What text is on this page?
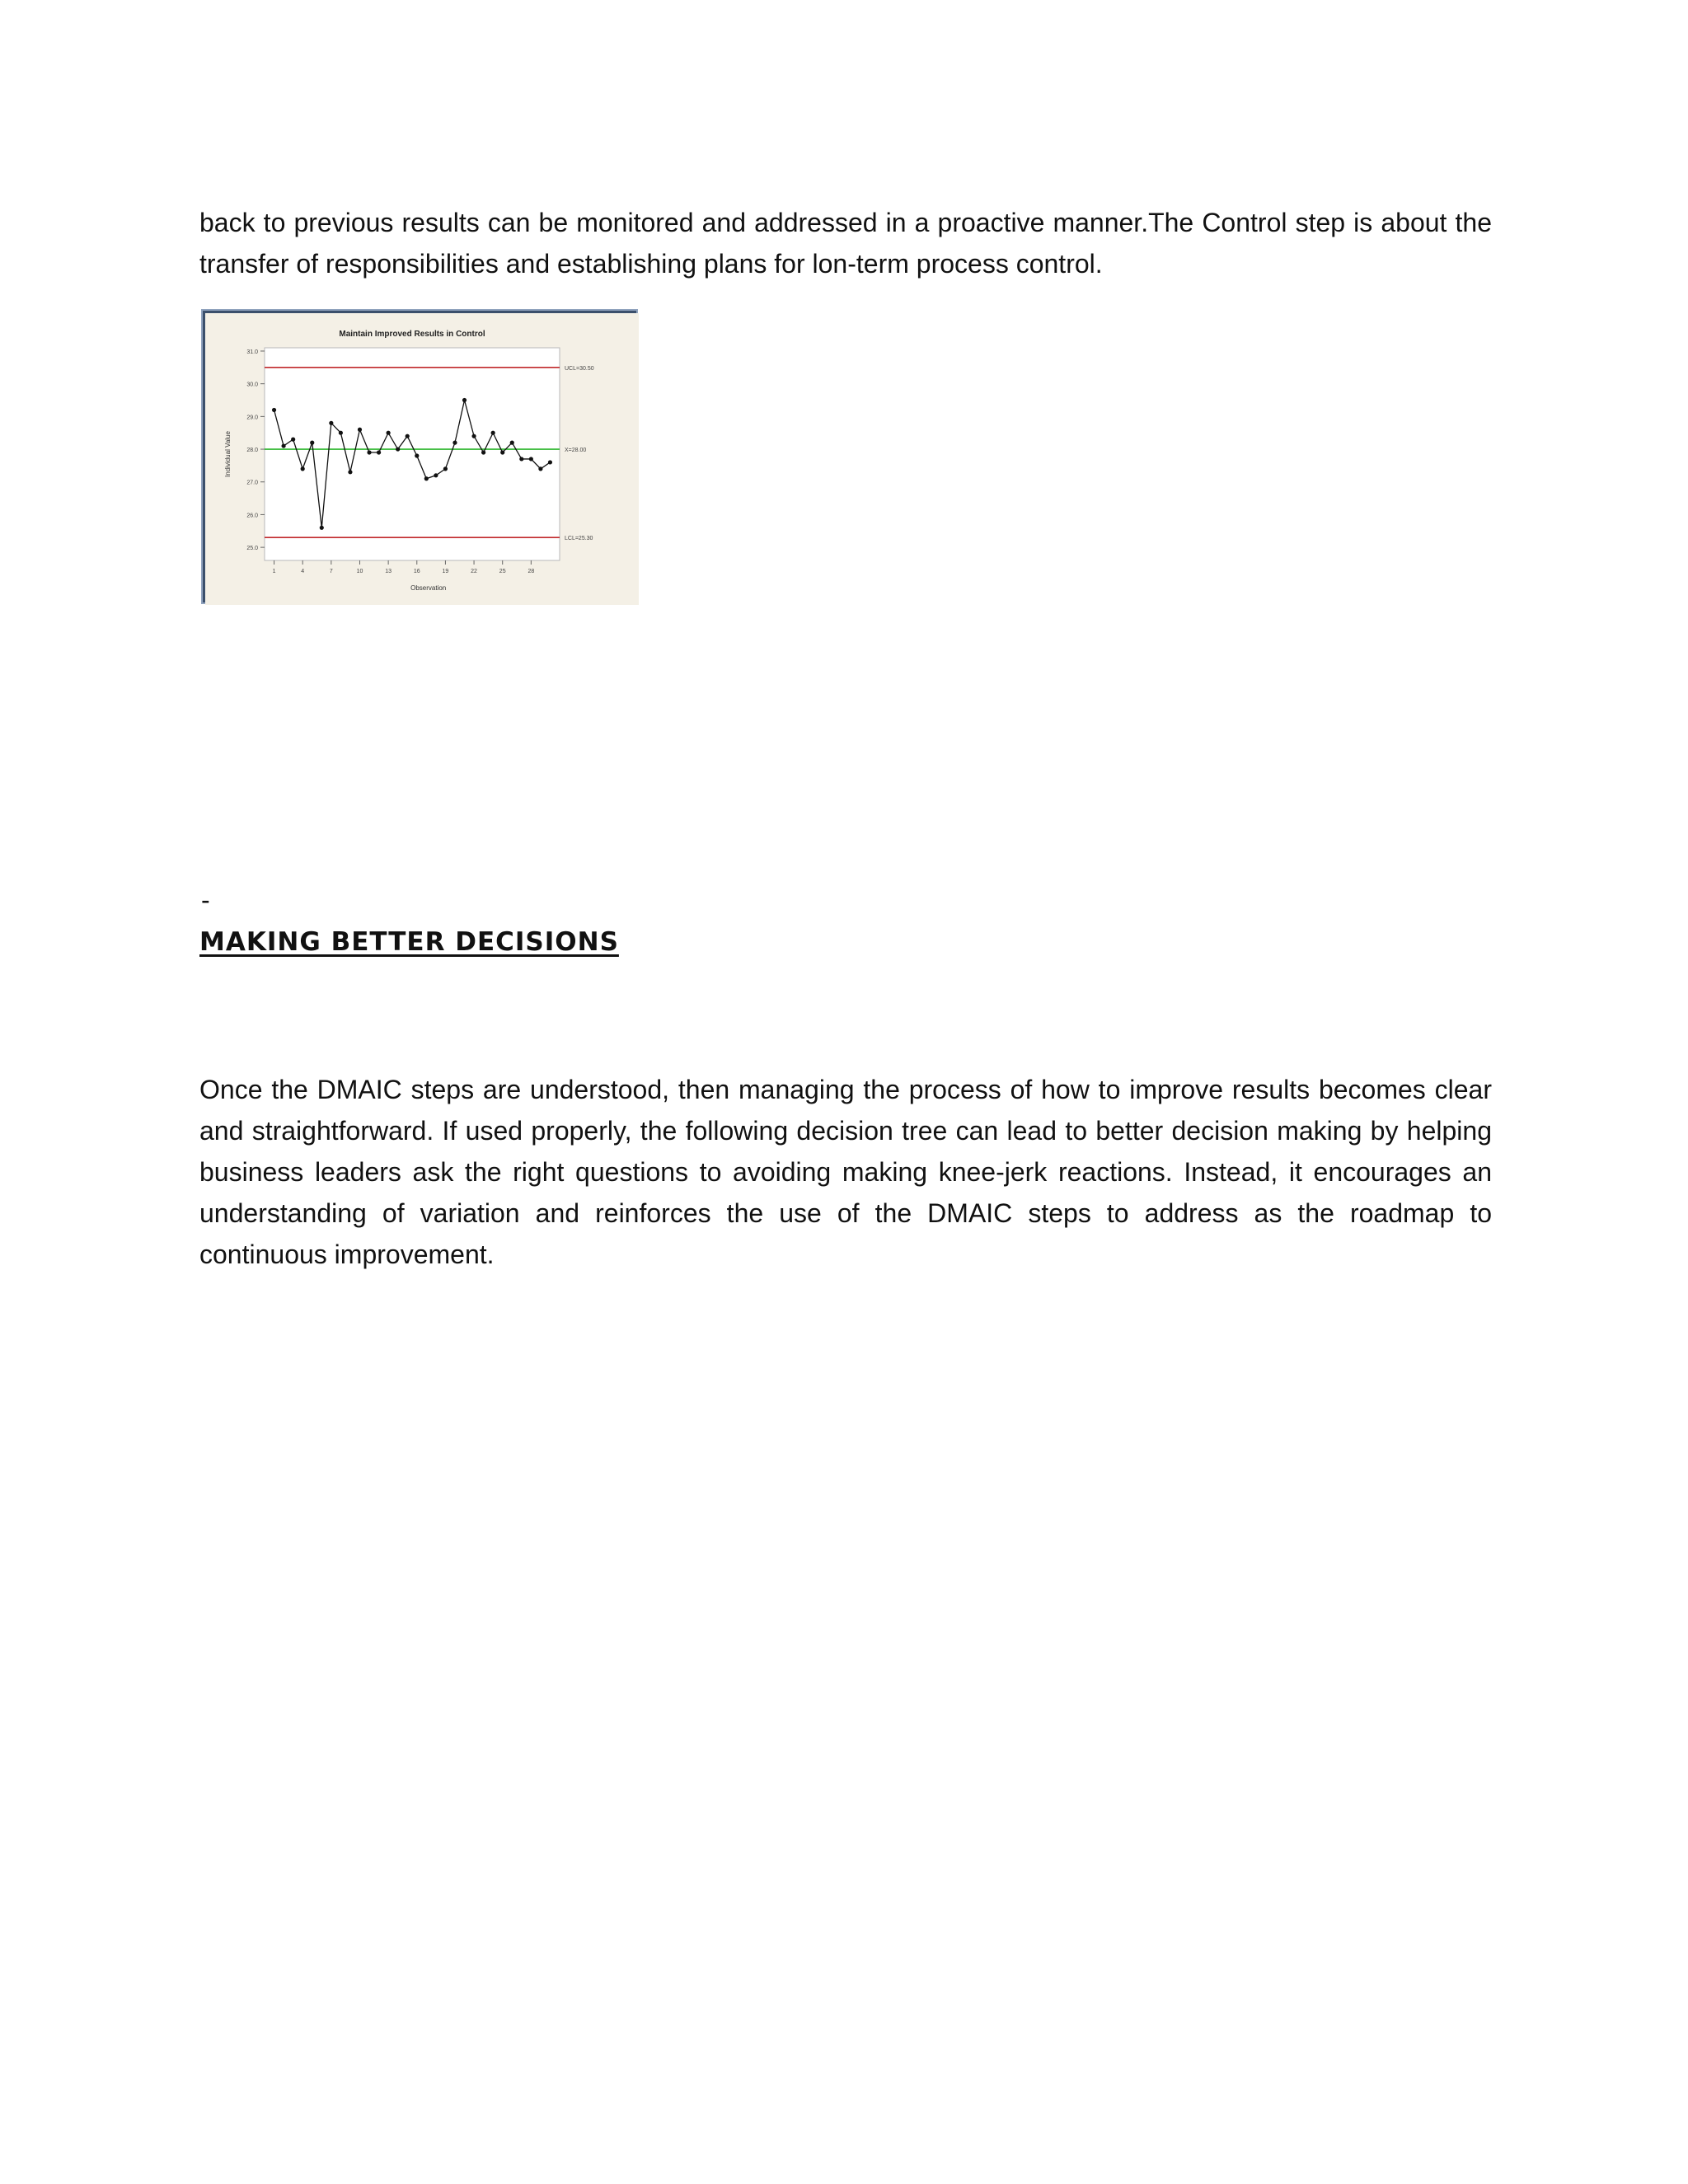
back to previous results can be monitored and addressed in a proactive manner.The Control step is about the transfer of responsibilities and establishing plans for lon-term process control.

Maintain Improved Results in Control
Individual Value
Observation
25.0
26.0
27.0
28.0
29.0
30.0
31.0
1	4	7	10	13	16	19	22	25	28
UCL=30.50
X=28.00
LCL=25.30

-

MAKING BETTER DECISIONS

Once the DMAIC steps are understood, then managing the process of how to improve results becomes clear and straightforward. If used properly, the following decision tree can lead to better decision making by helping business leaders ask the right questions to avoiding making knee-jerk reactions. Instead, it encourages an understanding of variation and reinforces the use of the DMAIC steps to address as the roadmap to continuous improvement.
